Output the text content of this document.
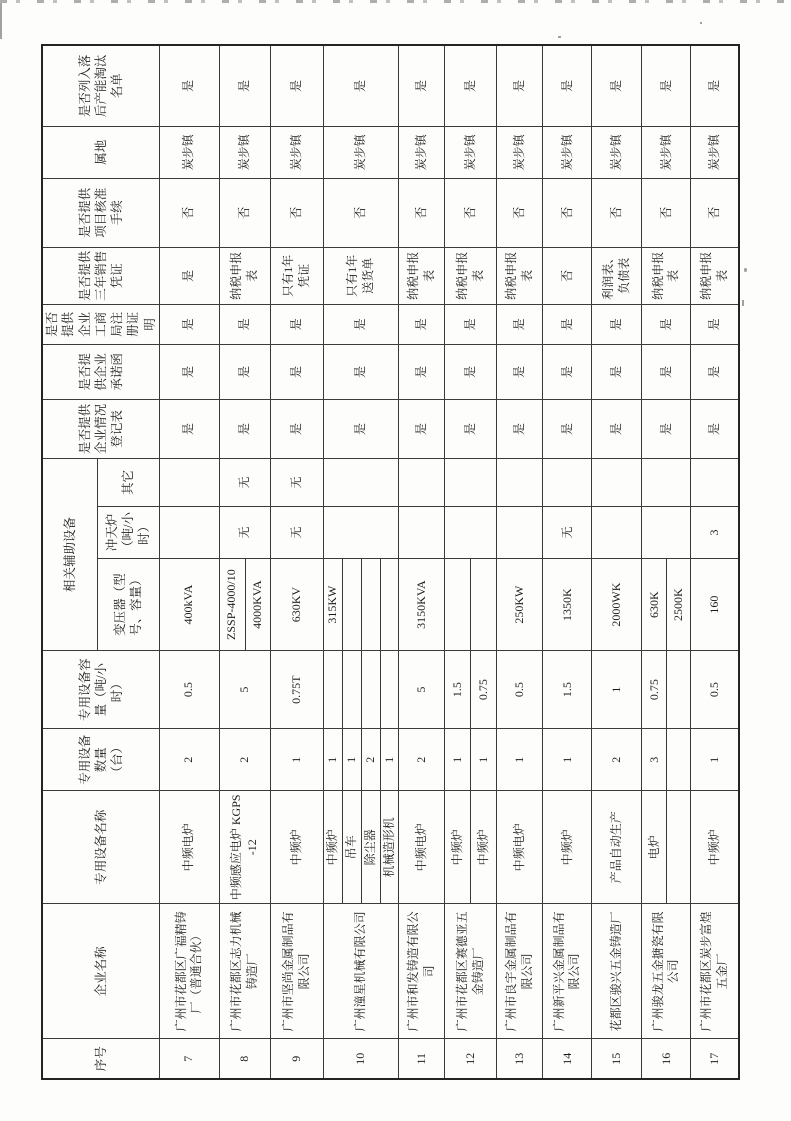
序号	企业名称	专用设备名称	专用设备数量（台）	专用设备容量（吨/小时）	相关辅助设备			是否提供企业情况登记表	是否提供企业承诺函	是否提供企业工商局注册证明	是否提供三年销售凭证	是否提供项目核准手续	属地	是否列入落后产能淘汰名单
					变压器（型号、容量）	冲天炉（吨/小时）	其它							
7	广州市花都区广福精铸厂（普通合伙）	中频电炉	2	0.5	400kVA			是	是	是	是	否	炭步镇	是
8	广州市花都区志力机械铸造厂	中频感应电炉 KGPS-12	2	5	ZSSP-4000/10	无	无	是	是	是	纳税申报表	否	炭步镇	是
					4000KVA									
9	广州市坚尚金属制品有限公司	中频炉	1	0.75T	630KV	无	无	是	是	是	只有1年凭证	否	炭步镇	是
10	广州潼星机械有限公司	中频炉	1		315KW			是	是	是	只有1年送货单	否	炭步镇	是
		吊车	1											
		除尘器	2											
		机械造形机	1											
11	广州市和发铸造有限公司	中频电炉	2	5	3150KVA			是	是	是	纳税申报表	否	炭步镇	是
12	广州市花都区赛德亚五金铸造厂	中频炉	1	1.5				是	是	是	纳税申报表	否	炭步镇	是
		中频炉	1	0.75										
13	广州市良宇金属制品有限公司	中频电炉	1	0.5	250KW			是	是	是	纳税申报表	否	炭步镇	是
14	广州新平兴金属制品有限公司	中频炉	1	1.5	1350K	无		是	是	是	否	否	炭步镇	是
15	花都区骏兴五金铸造厂	产品自动生产	2	1	2000WK			是	是	是	利润表、负债表	否	炭步镇	是
16	广州骏龙五金搪瓷有限公司	电炉	3	0.75	630K			是	是	是	纳税申报表	否	炭步镇	是
					2500K									
17	广州市花都区炭步富煌五金厂	中频炉	1	0.5	160	3		是	是	是	纳税申报表	否	炭步镇	是
